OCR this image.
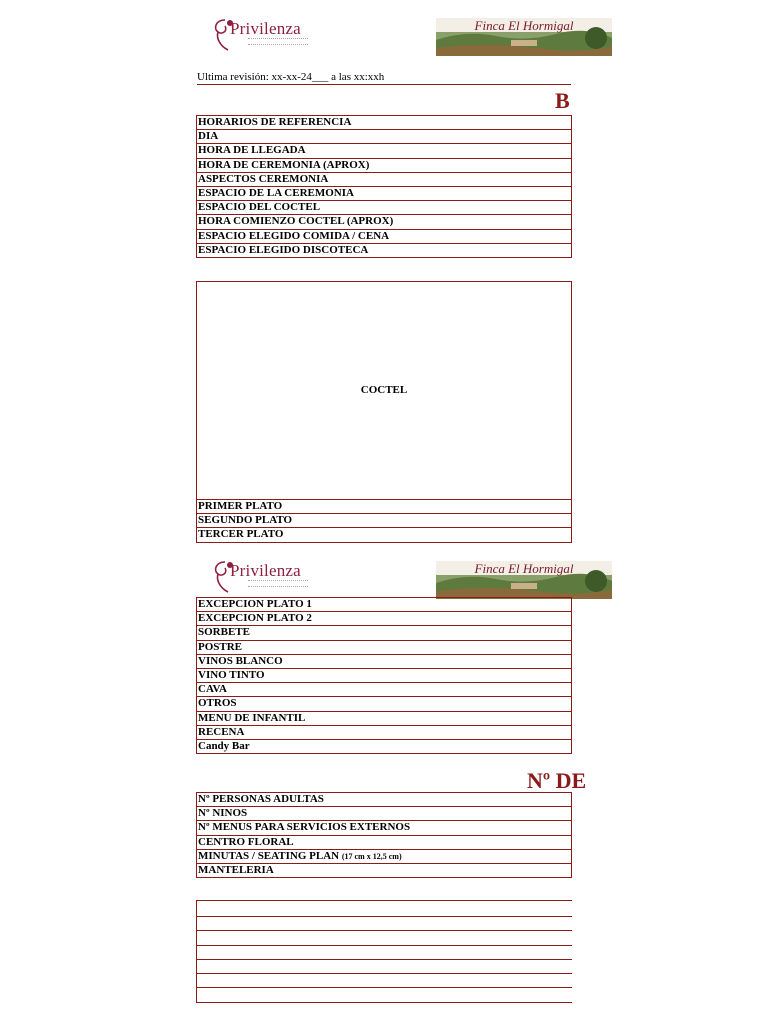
Privilenza	Finca El Hormigal
Ultima revisión: xx-xx-24___ a las xx:xxh
B
HORARIOS DE REFERENCIA
DIA
HORA DE LLEGADA
HORA DE CEREMONIA (APROX)
ASPECTOS CEREMONIA
ESPACIO DE LA CEREMONIA
ESPACIO DEL COCTEL
HORA COMIENZO COCTEL (APROX)
ESPACIO ELEGIDO COMIDA / CENA
ESPACIO ELEGIDO DISCOTECA
COCTEL
PRIMER PLATO
SEGUNDO PLATO
TERCER PLATO
Privilenza	Finca El Hormigal
EXCEPCION PLATO 1
EXCEPCION PLATO 2
SORBETE
POSTRE
VINOS BLANCO
VINO TINTO
CAVA
OTROS
MENU DE INFANTIL
RECENA
Candy Bar
Nº DE
Nº PERSONAS ADULTAS
Nº NINOS
Nº MENUS PARA SERVICIOS EXTERNOS
CENTRO FLORAL
MINUTAS / SEATING PLAN (17 cm x 12,5 cm)
MANTELERIA
